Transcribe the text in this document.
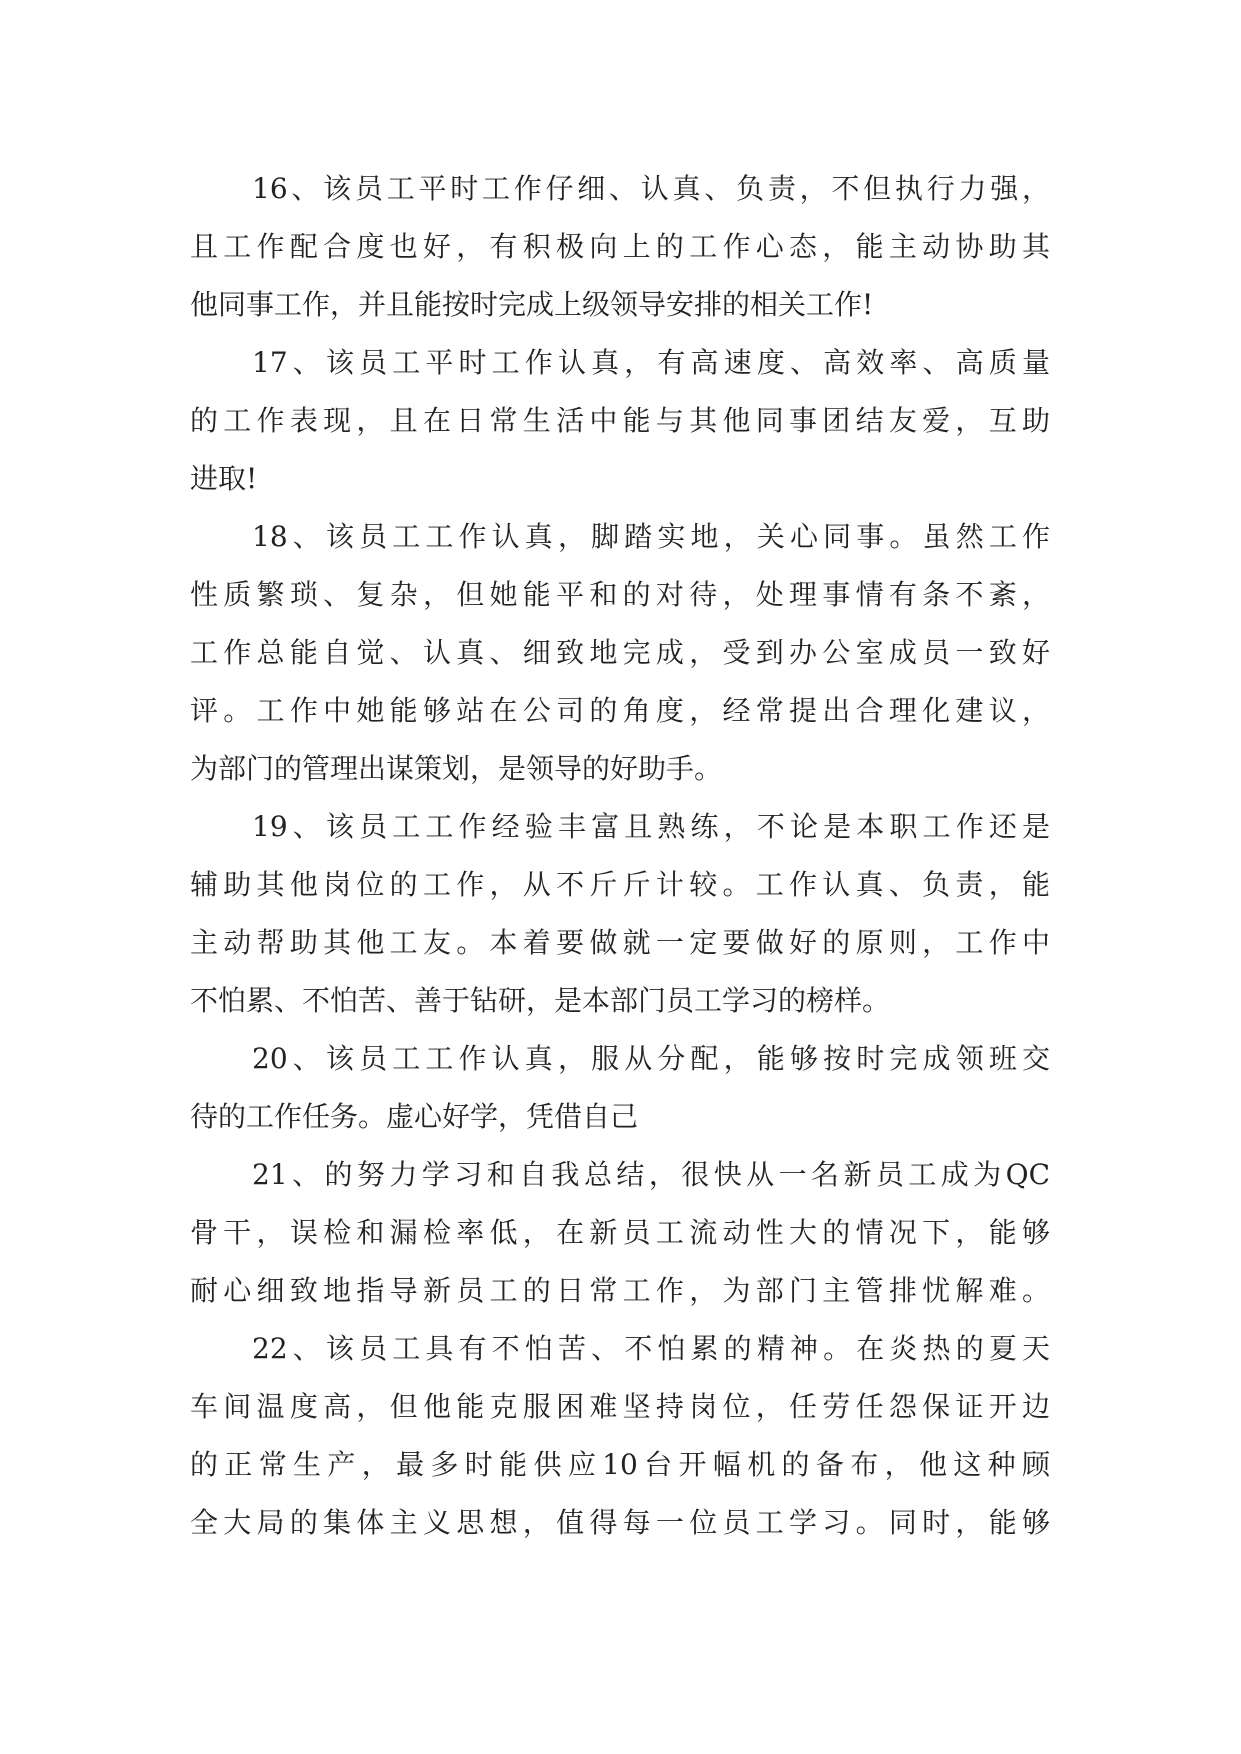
16、该员工平时工作仔细、认真、负责，不但执行力强，
且工作配合度也好，有积极向上的工作心态，能主动协助其
他同事工作，并且能按时完成上级领导安排的相关工作!
17、该员工平时工作认真，有高速度、高效率、高质量
的工作表现，且在日常生活中能与其他同事团结友爱，互助
进取!
18、该员工工作认真，脚踏实地，关心同事。虽然工作
性质繁琐、复杂，但她能平和的对待，处理事情有条不紊，
工作总能自觉、认真、细致地完成，受到办公室成员一致好
评。工作中她能够站在公司的角度，经常提出合理化建议，
为部门的管理出谋策划，是领导的好助手。
19、该员工工作经验丰富且熟练，不论是本职工作还是
辅助其他岗位的工作，从不斤斤计较。工作认真、负责，能
主动帮助其他工友。本着要做就一定要做好的原则，工作中
不怕累、不怕苦、善于钻研，是本部门员工学习的榜样。
20、该员工工作认真，服从分配，能够按时完成领班交
待的工作任务。虚心好学，凭借自己
21、的努力学习和自我总结，很快从一名新员工成为QC
骨干，误检和漏检率低，在新员工流动性大的情况下，能够
耐心细致地指导新员工的日常工作，为部门主管排忧解难。
22、该员工具有不怕苦、不怕累的精神。在炎热的夏天
车间温度高，但他能克服困难坚持岗位，任劳任怨保证开边
的正常生产，最多时能供应10台开幅机的备布，他这种顾
全大局的集体主义思想，值得每一位员工学习。同时，能够
